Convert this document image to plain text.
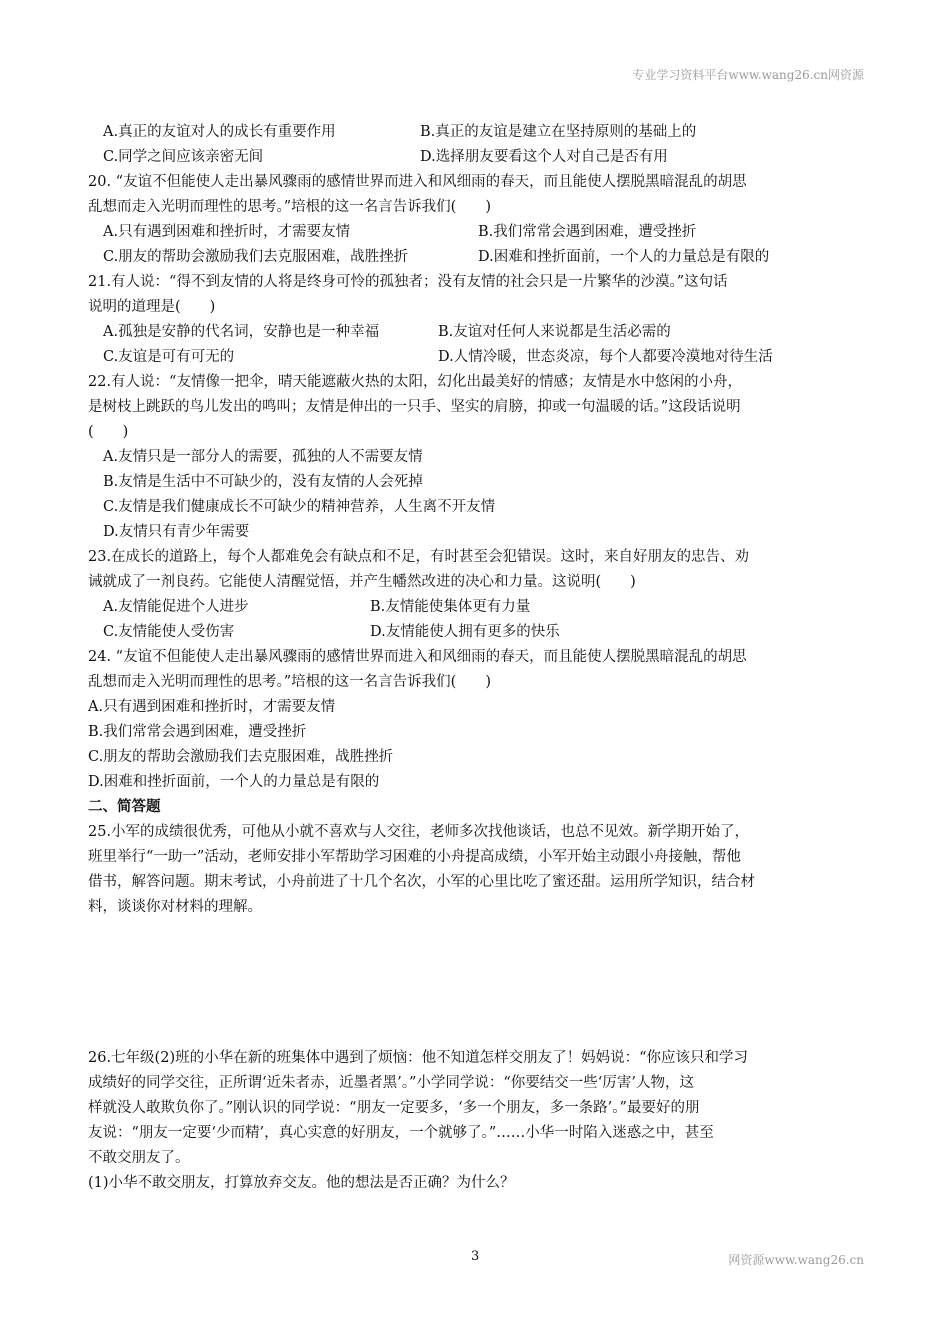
专业学习资料平台www.wang26.cn网资源
A.真正的友谊对人的成长有重要作用	B.真正的友谊是建立在坚持原则的基础上的
C.同学之间应该亲密无间	D.选择朋友要看这个人对自己是否有用
20. “友谊不但能使人走出暴风骤雨的感情世界而进入和风细雨的春天，而且能使人摆脱黑暗混乱的胡思
乱想而走入光明而理性的思考。”培根的这一名言告诉我们(　　)
A.只有遇到困难和挫折时，才需要友情	B.我们常常会遇到困难，遭受挫折
C.朋友的帮助会激励我们去克服困难，战胜挫折	D.困难和挫折面前，一个人的力量总是有限的
21.有人说：“得不到友情的人将是终身可怜的孤独者；没有友情的社会只是一片繁华的沙漠。”这句话
说明的道理是(　　)
A.孤独是安静的代名词，安静也是一种幸福	B.友谊对任何人来说都是生活必需的
C.友谊是可有可无的	D.人情冷暖，世态炎凉，每个人都要冷漠地对待生活
22.有人说：“友情像一把伞，晴天能遮蔽火热的太阳，幻化出最美好的情感；友情是水中悠闲的小舟，
是树枝上跳跃的鸟儿发出的鸣叫；友情是伸出的一只手、坚实的肩膀，抑或一句温暖的话。”这段话说明
(　　)
A.友情只是一部分人的需要，孤独的人不需要友情
B.友情是生活中不可缺少的，没有友情的人会死掉
C.友情是我们健康成长不可缺少的精神营养，人生离不开友情
D.友情只有青少年需要
23.在成长的道路上，每个人都难免会有缺点和不足，有时甚至会犯错误。这时，来自好朋友的忠告、劝
诫就成了一剂良药。它能使人清醒觉悟，并产生幡然改进的决心和力量。这说明(　　)
A.友情能促进个人进步	B.友情能使集体更有力量
C.友情能使人受伤害	D.友情能使人拥有更多的快乐
24. “友谊不但能使人走出暴风骤雨的感情世界而进入和风细雨的春天，而且能使人摆脱黑暗混乱的胡思
乱想而走入光明而理性的思考。”培根的这一名言告诉我们(　　)
A.只有遇到困难和挫折时，才需要友情
B.我们常常会遇到困难，遭受挫折
C.朋友的帮助会激励我们去克服困难，战胜挫折
D.困难和挫折面前，一个人的力量总是有限的
二、简答题
25.小军的成绩很优秀，可他从小就不喜欢与人交往，老师多次找他谈话，也总不见效。新学期开始了，
班里举行“一助一”活动，老师安排小军帮助学习困难的小舟提高成绩，小军开始主动跟小舟接触，帮他
借书，解答问题。期末考试，小舟前进了十几个名次，小军的心里比吃了蜜还甜。运用所学知识，结合材
料，谈谈你对材料的理解。
26.七年级(2)班的小华在新的班集体中遇到了烦恼：他不知道怎样交朋友了！妈妈说：“你应该只和学习
成绩好的同学交往，正所谓‘近朱者赤，近墨者黑’。”小学同学说：“你要结交一些‘厉害’人物，这
样就没人敢欺负你了。”刚认识的同学说：“朋友一定要多，‘多一个朋友，多一条路’。”最要好的朋
友说：“朋友一定要‘少而精’，真心实意的好朋友，一个就够了。”……小华一时陷入迷惑之中，甚至
不敢交朋友了。
(1)小华不敢交朋友，打算放弃交友。他的想法是否正确？为什么？
3	网资源www.wang26.cn
